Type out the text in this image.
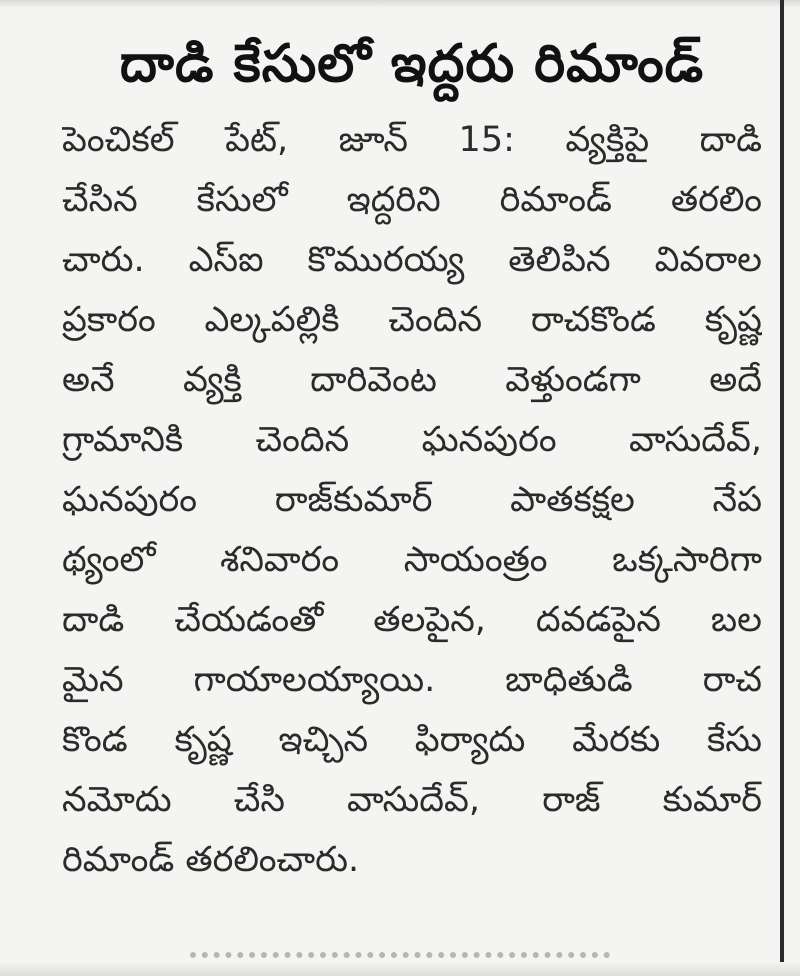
దాడి కేసులో ఇద్దరు రిమాండ్
పెంచికల్ పేట్, జూన్ 15: వ్యక్తిపై దాడి
చేసిన కేసులో ఇద్దరిని రిమాండ్ తరలిం
చారు. ఎస్ఐ కొమురయ్య తెలిపిన వివరాల
ప్రకారం ఎల్కపల్లికి చెందిన రాచకొండ కృష్ణ
అనే వ్యక్తి దారివెంట వెళ్తుండగా అదే
గ్రామానికి చెందిన ఘనపురం వాసుదేవ్,
ఘనపురం రాజ్‌కుమార్ పాతకక్షల నేప
థ్యంలో శనివారం సాయంత్రం ఒక్కసారిగా
దాడి చేయడంతో తలపైన, దవడపైన బల
మైన గాయాలయ్యాయి. బాధితుడి రాచ
కొండ కృష్ణ ఇచ్చిన ఫిర్యాదు మేరకు కేసు
నమోదు చేసి వాసుదేవ్, రాజ్ కుమార్
రిమాండ్ తరలించారు.
